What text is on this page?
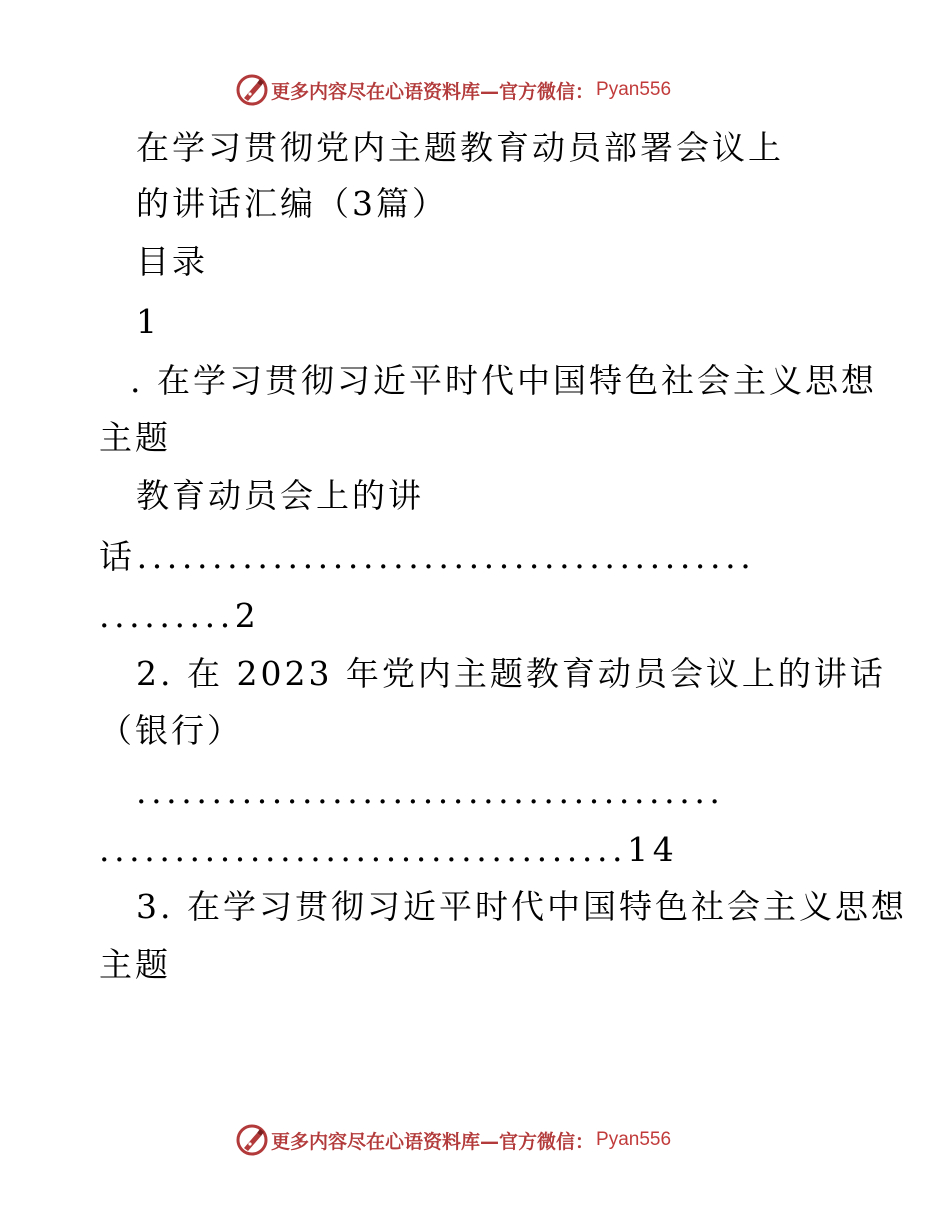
更多内容尽在心语资料库—官方微信： Pyan556
在学习贯彻党内主题教育动员部署会议上
的讲话汇编（3篇）
目录
1
. 在学习贯彻习近平时代中国特色社会主义思想
主题
教育动员会上的讲
话.........................................
.........2
2. 在 2023 年党内主题教育动员会议上的讲话
（银行）
.......................................
...................................14
3. 在学习贯彻习近平时代中国特色社会主义思想
主题
更多内容尽在心语资料库—官方微信： Pyan556
